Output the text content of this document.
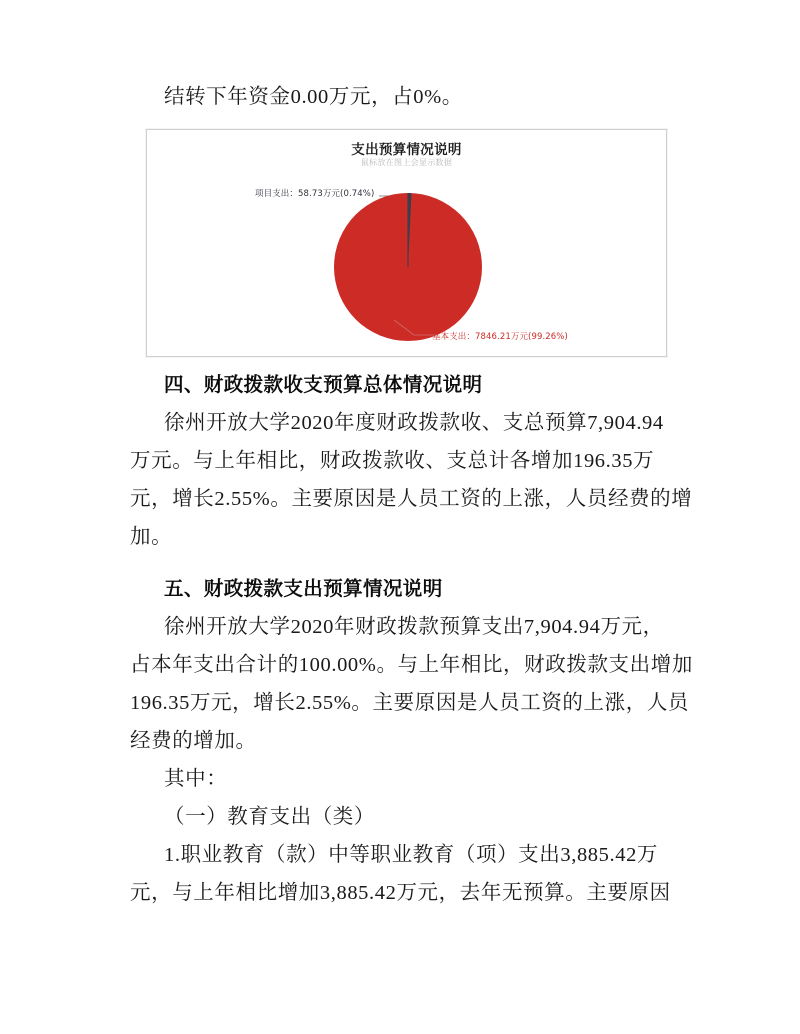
结转下年资金0.00万元，占0%。

支出预算情况说明
鼠标放在图上会显示数据
项目支出：58.73万元(0.74%)
基本支出：7846.21万元(99.26%)
四、财政拨款收支预算总体情况说明

徐州开放大学2020年度财政拨款收、支总预算7,904.94

万元。与上年相比，财政拨款收、支总计各增加196.35万

元，增长2.55%。主要原因是人员工资的上涨，人员经费的增

加。

五、财政拨款支出预算情况说明

徐州开放大学2020年财政拨款预算支出7,904.94万元，

占本年支出合计的100.00%。与上年相比，财政拨款支出增加

196.35万元，增长2.55%。主要原因是人员工资的上涨，人员

经费的增加。

其中：

（一）教育支出（类）

1.职业教育（款）中等职业教育（项）支出3,885.42万

元，与上年相比增加3,885.42万元，去年无预算。主要原因
